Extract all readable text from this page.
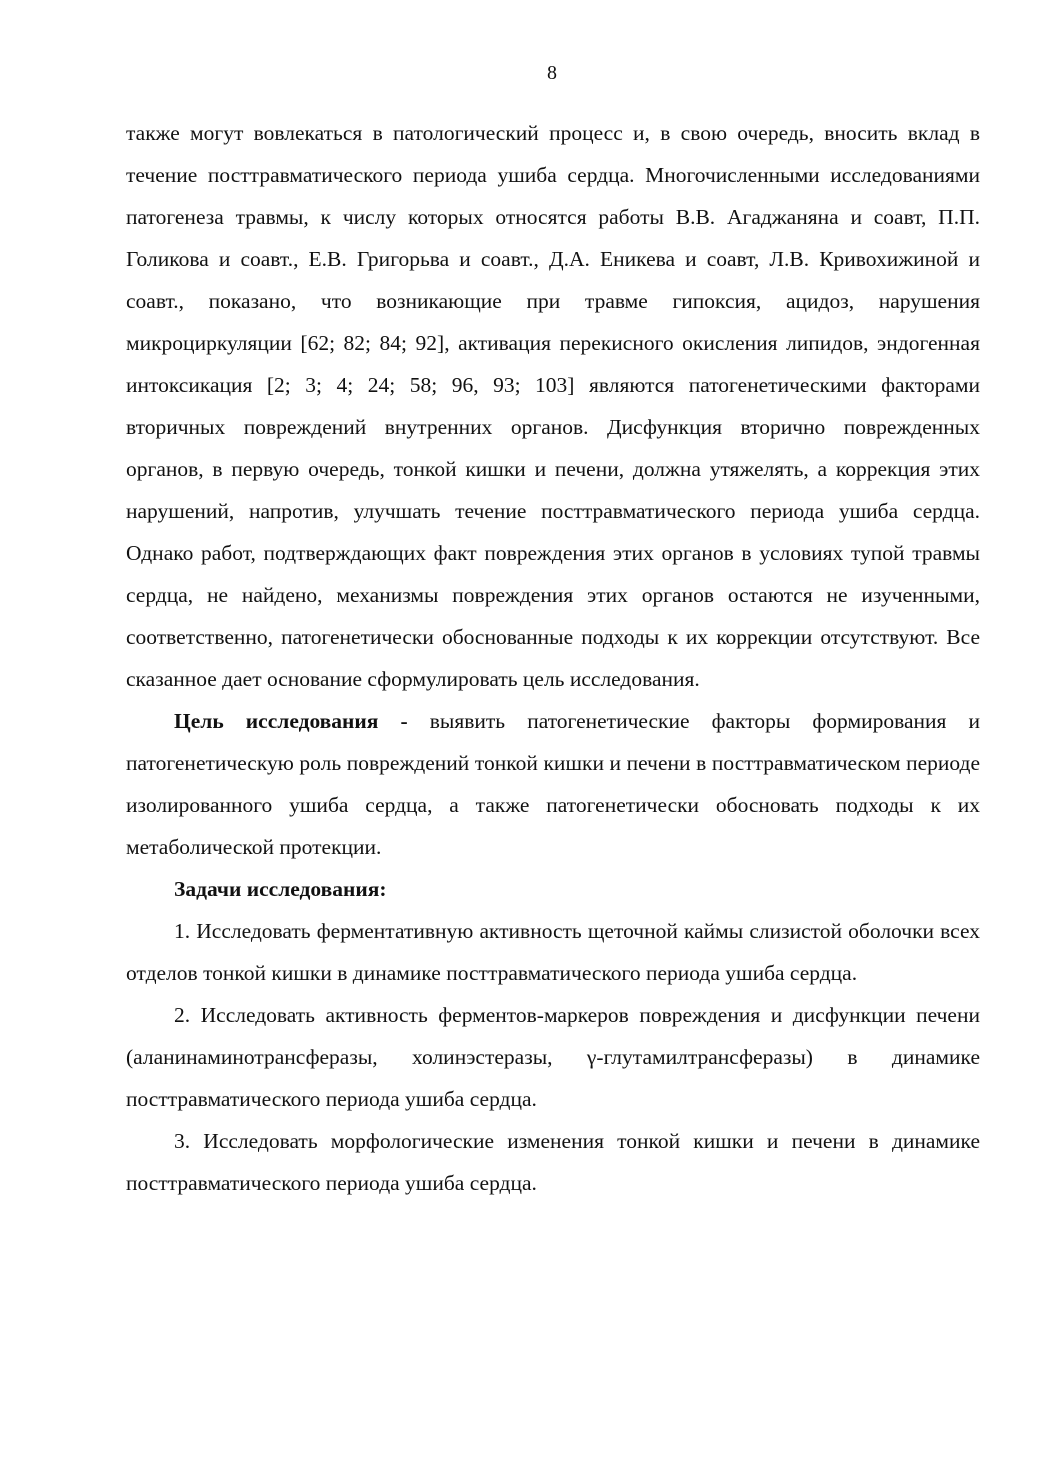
8

также могут вовлекаться в патологический процесс и, в свою очередь, вносить вклад в течение посттравматического периода ушиба сердца. Многочисленными исследованиями патогенеза травмы, к числу которых относятся работы В.В. Агаджаняна и соавт, П.П. Голикова и соавт., Е.В. Григорьва и соавт., Д.А. Еникева и соавт, Л.В. Кривохижиной и соавт., показано, что возникающие при травме гипоксия, ацидоз, нарушения микроциркуляции [62; 82; 84; 92], активация перекисного окисления липидов, эндогенная интоксикация [2; 3; 4; 24; 58; 96, 93; 103] являются патогенетическими факторами вторичных повреждений внутренних органов. Дисфункция вторично поврежденных органов, в первую очередь, тонкой кишки и печени, должна утяжелять, а коррекция этих нарушений, напротив, улучшать течение посттравматического периода ушиба сердца. Однако работ, подтверждающих факт повреждения этих органов в условиях тупой травмы сердца, не найдено, механизмы повреждения этих органов остаются не изученными, соответственно, патогенетически обоснованные подходы к их коррекции отсутствуют. Все сказанное дает основание сформулировать цель исследования.

Цель исследования - выявить патогенетические факторы формирования и патогенетическую роль повреждений тонкой кишки и печени в посттравматическом периоде изолированного ушиба сердца, а также патогенетически обосновать подходы к их метаболической протекции.

Задачи исследования:

1. Исследовать ферментативную активность щеточной каймы слизистой оболочки всех отделов тонкой кишки в динамике посттравматического периода ушиба сердца.

2. Исследовать активность ферментов-маркеров повреждения и дисфункции печени (аланинаминотрансферазы, холинэстеразы, γ-глутамилтрансферазы) в динамике посттравматического периода ушиба сердца.

3. Исследовать морфологические изменения тонкой кишки и печени в динамике посттравматического периода ушиба сердца.
